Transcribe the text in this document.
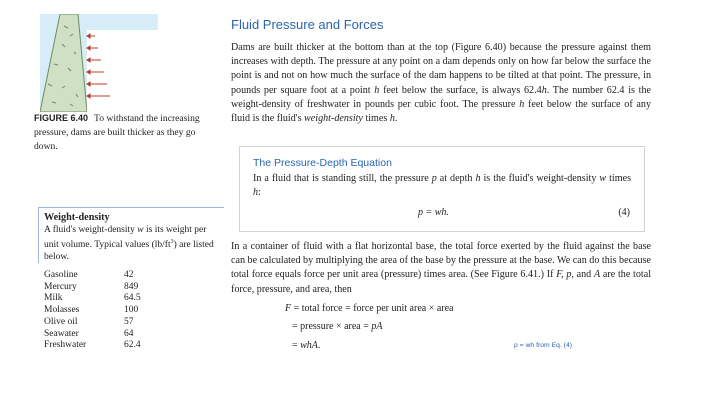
FIGURE 6.40 To withstand the increasing pressure, dams are built thicker as they go down.
Fluid Pressure and Forces
Dams are built thicker at the bottom than at the top (Figure 6.40) because the pressure against them increases with depth. The pressure at any point on a dam depends only on how far below the surface the point is and not on how much the surface of the dam happens to be tilted at that point. The pressure, in pounds per square foot at a point h feet below the surface, is always 62.4h. The number 62.4 is the weight-density of freshwater in pounds per cubic foot. The pressure h feet below the surface of any fluid is the fluid's weight-density times h.
The Pressure-Depth Equation
In a fluid that is standing still, the pressure p at depth h is the fluid's weight-density w times h:
p = wh.	(4)
Weight-density
A fluid's weight-density w is its weight per unit volume. Typical values $(lb/ft^3)$ are listed below.
Gasoline	42
Mercury	849
Milk	64.5
Molasses	100
Olive oil	57
Seawater	64
Freshwater	62.4
In a container of fluid with a flat horizontal base, the total force exerted by the fluid against the base can be calculated by multiplying the area of the base by the pressure at the base. We can do this because total force equals force per unit area (pressure) times area. (See Figure 6.41.) If F, p, and A are the total force, pressure, and area, then
F = total force = force per unit area × area
= pressure × area = pA
= whA.	p = wh from Eq. (4)
